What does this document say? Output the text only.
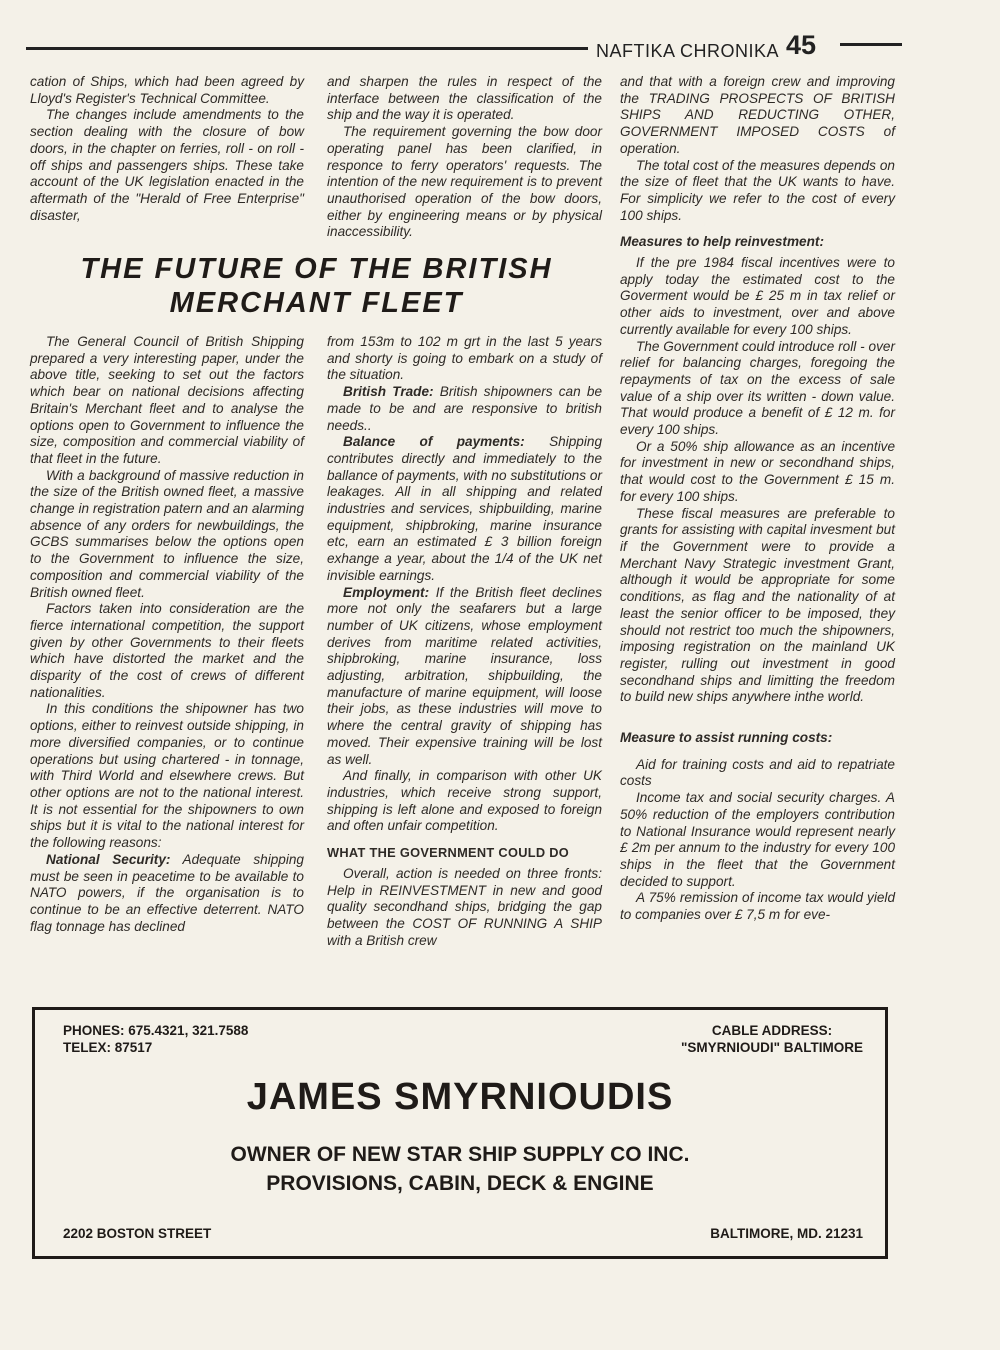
NAFTIKA CHRONIKA 45

cation of Ships, which had been agreed by Lloyd's Register's Technical Committee.

The changes include amendments to the section dealing with the closure of bow doors, in the chapter on ferries, roll - on roll - off ships and passengers ships. These take account of the UK legislation enacted in the aftermath of the "Herald of Free Enterprise" disaster,

and sharpen the rules in respect of the interface between the classification of the ship and the way it is operated.

The requirement governing the bow door operating panel has been clarified, in responce to ferry operators' requests. The intention of the new requirement is to prevent unauthorised operation of the bow doors, either by engineering means or by physical inaccessibility.

THE FUTURE OF THE BRITISH
MERCHANT FLEET

The General Council of British Shipping prepared a very interesting paper, under the above title, seeking to set out the factors which bear on national decisions affecting Britain's Merchant fleet and to analyse the options open to Government to influence the size, composition and commercial viability of that fleet in the future.

With a background of massive reduction in the size of the British owned fleet, a massive change in registration patern and an alarming absence of any orders for newbuildings, the GCBS summarises below the options open to the Government to influence the size, composition and commercial viability of the British owned fleet.

Factors taken into consideration are the fierce international competition, the support given by other Governments to their fleets which have distorted the market and the disparity of the cost of crews of different nationalities.

In this conditions the shipowner has two options, either to reinvest outside shipping, in more diversified companies, or to continue operations but using chartered - in tonnage, with Third World and elsewhere crews. But other options are not to the national interest. It is not essential for the shipowners to own ships but it is vital to the national interest for the following reasons:

National Security: Adequate shipping must be seen in peacetime to be available to NATO powers, if the organisation is to continue to be an effective deterrent. NATO flag tonnage has declined

from 153m to 102 m grt in the last 5 years and shorty is going to embark on a study of the situation.

British Trade: British shipowners can be made to be and are responsive to british needs..

Balance of payments: Shipping contributes directly and immediately to the ballance of payments, with no substitutions or leakages. All in all shipping and related industries and services, shipbuilding, marine equipment, shipbroking, marine insurance etc, earn an estimated £ 3 billion foreign exhange a year, about the 1/4 of the UK net invisible earnings.

Employment: If the British fleet declines more not only the seafarers but a large number of UK citizens, whose employment derives from maritime related activities, shipbroking, marine insurance, loss adjusting, arbitration, shipbuilding, the manufacture of marine equipment, will loose their jobs, as these industries will move to where the central gravity of shipping has moved. Their expensive training will be lost as well.

And finally, in comparison with other UK industries, which receive strong support, shipping is left alone and exposed to foreign and often unfair competition.

WHAT THE GOVERNMENT COULD DO

Overall, action is needed on three fronts: Help in REINVESTMENT in new and good quality secondhand ships, bridging the gap between the COST OF RUNNING A SHIP with a British crew

and that with a foreign crew and improving the TRADING PROSPECTS OF BRITISH SHIPS AND REDUCTING OTHER, GOVERNMENT IMPOSED COSTS of operation.

The total cost of the measures depends on the size of fleet that the UK wants to have. For simplicity we refer to the cost of every 100 ships.

Measures to help reinvestment:

If the pre 1984 fiscal incentives were to apply today the estimated cost to the Goverment would be £ 25 m in tax relief or other aids to investment, over and above currently available for every 100 ships.

The Government could introduce roll - over relief for balancing charges, foregoing the repayments of tax on the excess of sale value of a ship over its written - down value. That would produce a benefit of £ 12 m. for every 100 ships.

Or a 50% ship allowance as an incentive for investment in new or secondhand ships, that would cost to the Government £ 15 m. for every 100 ships.

These fiscal measures are preferable to grants for assisting with capital invesment but if the Government were to provide a Merchant Navy Strategic investment Grant, although it would be appropriate for some conditions, as flag and the nationality of at least the senior officer to be imposed, they should not restrict too much the shipowners, imposing registration on the mainland UK register, rulling out investment in good secondhand ships and limitting the freedom to build new ships anywhere inthe world.

Measure to assist running costs:

Aid for training costs and aid to repatriate costs

Income tax and social security charges. A 50% reduction of the employers contribution to National Insurance would represent nearly £ 2m per annum to the industry for every 100 ships in the fleet that the Government decided to support.

A 75% remission of income tax would yield to companies over £ 7,5 m for eve-

PHONES: 675.4321, 321.7588
TELEX: 87517
CABLE ADDRESS:
"SMYRNIOUDI" BALTIMORE
JAMES SMYRNIOUDIS
OWNER OF NEW STAR SHIP SUPPLY CO INC.
PROVISIONS, CABIN, DECK & ENGINE
2202 BOSTON STREET	BALTIMORE, MD. 21231
